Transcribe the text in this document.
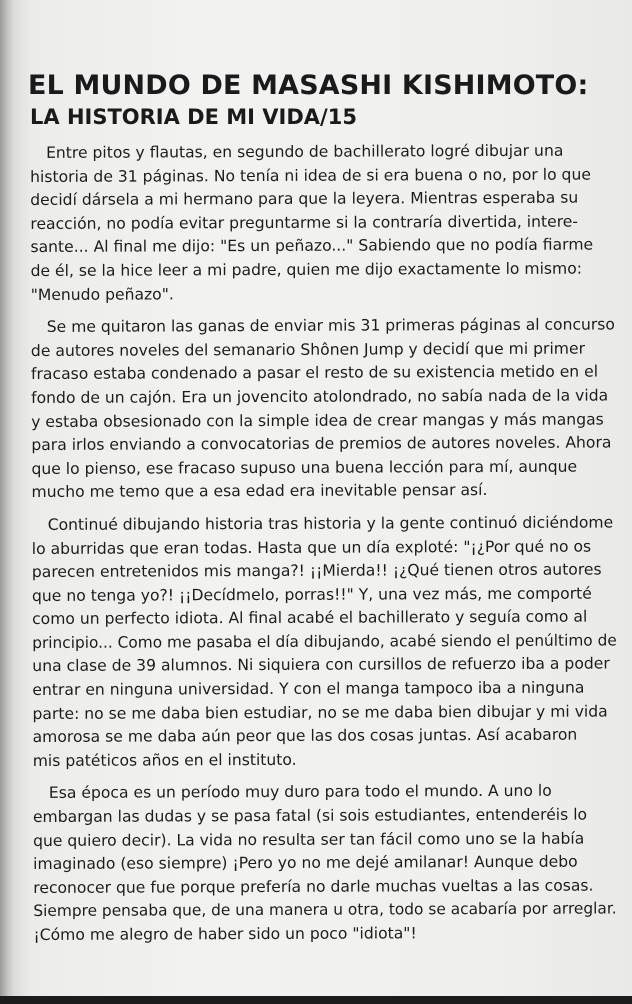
EL MUNDO DE MASASHI KISHIMOTO:
LA HISTORIA DE MI VIDA/15

Entre pitos y flautas, en segundo de bachillerato logré dibujar una
historia de 31 páginas. No tenía ni idea de si era buena o no, por lo que
decidí dársela a mi hermano para que la leyera. Mientras esperaba su
reacción, no podía evitar preguntarme si la contraría divertida, intere-
sante... Al final me dijo: "Es un peñazo..." Sabiendo que no podía fiarme
de él, se la hice leer a mi padre, quien me dijo exactamente lo mismo:
"Menudo peñazo".

Se me quitaron las ganas de enviar mis 31 primeras páginas al concurso
de autores noveles del semanario Shônen Jump y decidí que mi primer
fracaso estaba condenado a pasar el resto de su existencia metido en el
fondo de un cajón. Era un jovencito atolondrado, no sabía nada de la vida
y estaba obsesionado con la simple idea de crear mangas y más mangas
para irlos enviando a convocatorias de premios de autores noveles. Ahora
que lo pienso, ese fracaso supuso una buena lección para mí, aunque
mucho me temo que a esa edad era inevitable pensar así.

Continué dibujando historia tras historia y la gente continuó diciéndome
lo aburridas que eran todas. Hasta que un día exploté: "¡¿Por qué no os
parecen entretenidos mis manga?! ¡¡Mierda!! ¡¿Qué tienen otros autores
que no tenga yo?! ¡¡Decídmelo, porras!!" Y, una vez más, me comporté
como un perfecto idiota. Al final acabé el bachillerato y seguía como al
principio... Como me pasaba el día dibujando, acabé siendo el penúltimo de
una clase de 39 alumnos. Ni siquiera con cursillos de refuerzo iba a poder
entrar en ninguna universidad. Y con el manga tampoco iba a ninguna
parte: no se me daba bien estudiar, no se me daba bien dibujar y mi vida
amorosa se me daba aún peor que las dos cosas juntas. Así acabaron
mis patéticos años en el instituto.

Esa época es un período muy duro para todo el mundo. A uno lo
embargan las dudas y se pasa fatal (si sois estudiantes, entenderéis lo
que quiero decir). La vida no resulta ser tan fácil como uno se la había
imaginado (eso siempre) ¡Pero yo no me dejé amilanar! Aunque debo
reconocer que fue porque prefería no darle muchas vueltas a las cosas.
Siempre pensaba que, de una manera u otra, todo se acabaría por arreglar.
¡Cómo me alegro de haber sido un poco "idiota"!
